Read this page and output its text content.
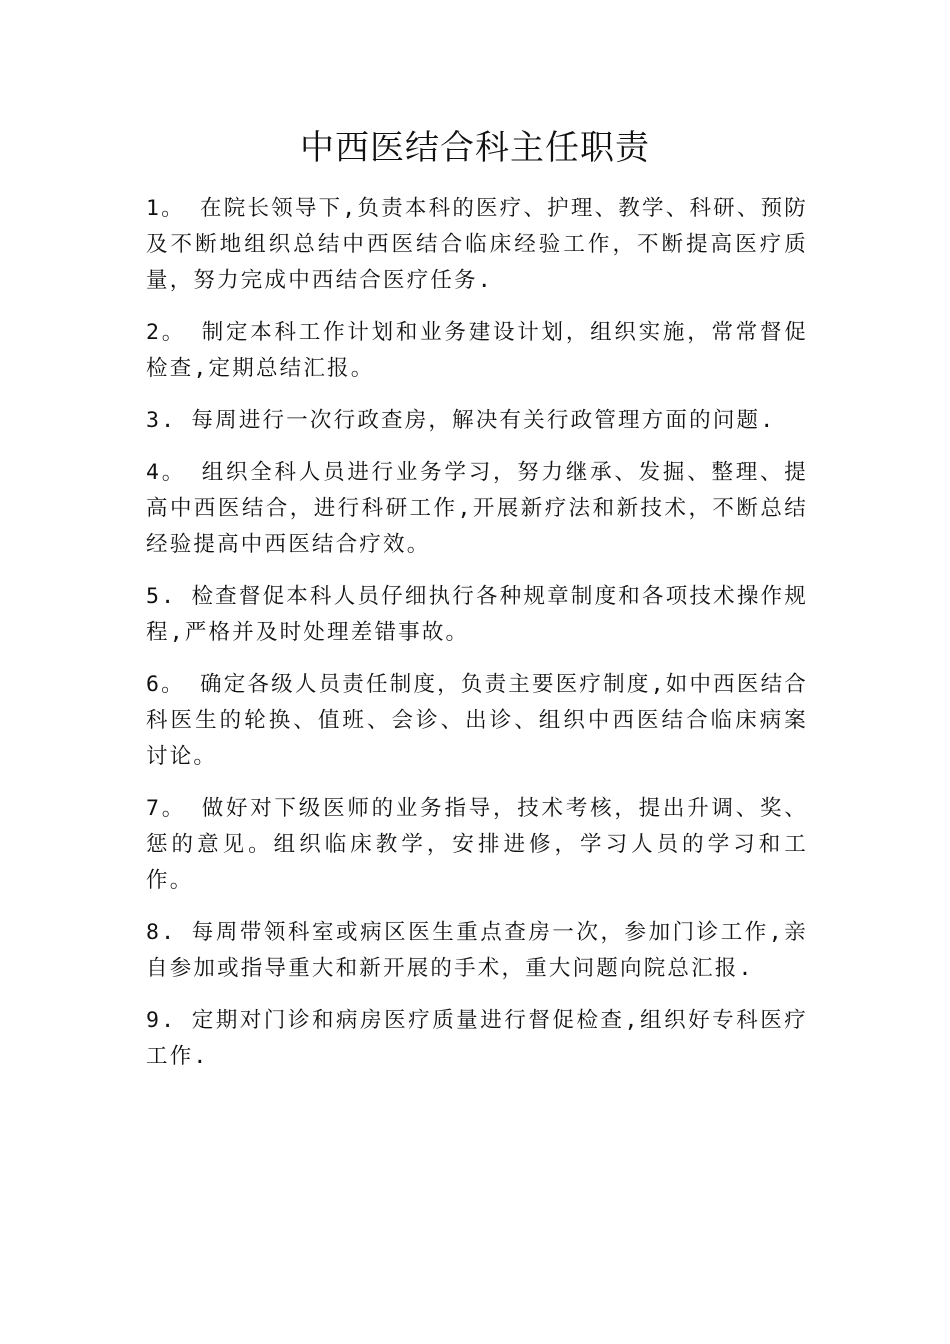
中西医结合科主任职责

1。 在院长领导下,负责本科的医疗、护理、教学、科研、预防及不断地组织总结中西医结合临床经验工作，不断提高医疗质量，努力完成中西结合医疗任务.

2。 制定本科工作计划和业务建设计划，组织实施，常常督促检查,定期总结汇报。

3. 每周进行一次行政查房，解决有关行政管理方面的问题.

4。 组织全科人员进行业务学习，努力继承、发掘、整理、提高中西医结合，进行科研工作,开展新疗法和新技术，不断总结经验提高中西医结合疗效。

5. 检查督促本科人员仔细执行各种规章制度和各项技术操作规程,严格并及时处理差错事故。

6。 确定各级人员责任制度，负责主要医疗制度,如中西医结合科医生的轮换、值班、会诊、出诊、组织中西医结合临床病案讨论。

7。 做好对下级医师的业务指导，技术考核，提出升调、奖、惩的意见。组织临床教学，安排进修，学习人员的学习和工作。

8. 每周带领科室或病区医生重点查房一次，参加门诊工作,亲自参加或指导重大和新开展的手术，重大问题向院总汇报.

9. 定期对门诊和病房医疗质量进行督促检查,组织好专科医疗工作.
